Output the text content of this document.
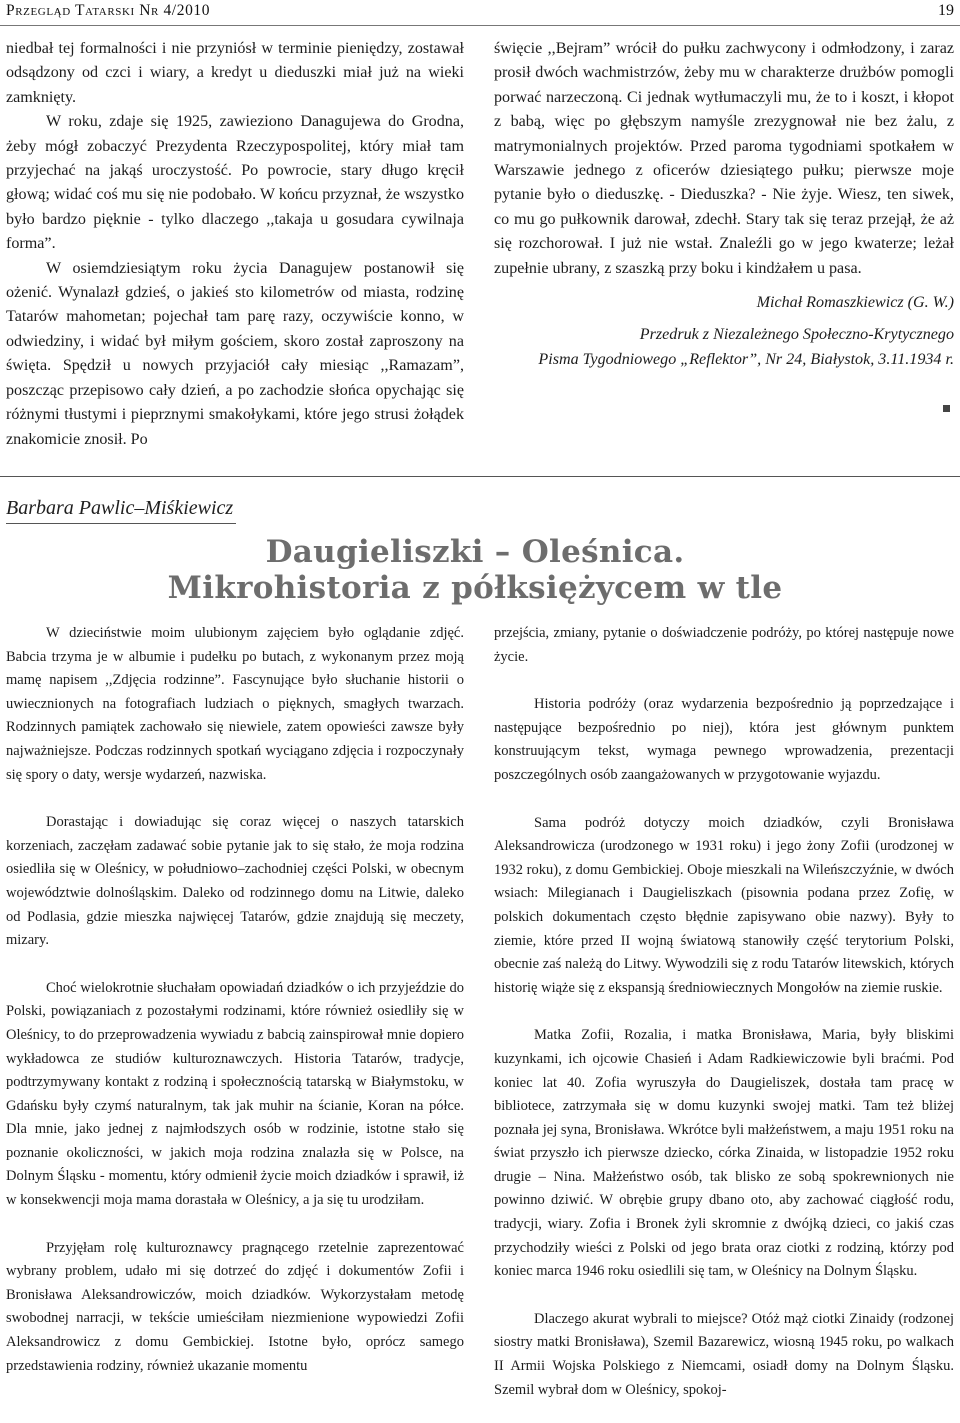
Przegląd Tatarski Nr 4/2010	19

niedbał tej formalności i nie przyniósł w terminie pieniędzy, zostawał odsądzony od czci i wiary, a kredyt u dieduszki miał już na wieki zamknięty.

W roku, zdaje się 1925, zawieziono Danagujewa do Grodna, żeby mógł zobaczyć Prezydenta Rzeczypospolitej, który miał tam przyjechać na jakąś uroczystość. Po powrocie, stary długo kręcił głową; widać coś mu się nie podobało. W końcu przyznał, że wszystko było bardzo pięknie - tylko dlaczego ,,takaja u gosudara cywilnaja forma”.

W osiemdziesiątym roku życia Danagujew postanowił się ożenić. Wynalazł gdzieś, o jakieś sto kilometrów od miasta, rodzinę Tatarów mahometan; pojechał tam parę razy, oczywiście konno, w odwiedziny, i widać był miłym gościem, skoro został zaproszony na święta. Spędził u nowych przyjaciół cały miesiąc ,,Ramazam”, poszcząc przepisowo cały dzień, a po zachodzie słońca opychając się różnymi tłustymi i pieprznymi smakołykami, które jego strusi żołądek znakomicie znosił. Po

święcie ,,Bejram” wrócił do pułku zachwycony i odmłodzony, i zaraz prosił dwóch wachmistrzów, żeby mu w charakterze drużbów pomogli porwać narzeczoną. Ci jednak wytłumaczyli mu, że to i koszt, i kłopot z babą, więc po głębszym namyśle zrezygnował nie bez żalu, z matrymonialnych projektów. Przed paroma tygodniami spotkałem w Warszawie jednego z oficerów dziesiątego pułku; pierwsze moje pytanie było o dieduszkę. - Dieduszka? - Nie żyje. Wiesz, ten siwek, co mu go pułkownik darował, zdechł. Stary tak się teraz przejął, że aż się rozchorował. I już nie wstał. Znaleźli go w jego kwaterze; leżał zupełnie ubrany, z szaszką przy boku i kindżałem u pasa.

Michał Romaszkiewicz (G. W.)
Przedruk z Niezależnego Społeczno-Krytycznego
Pisma Tygodniowego „Reflektor”, Nr 24, Białystok, 3.11.1934 r.
Barbara Pawlic–Miśkiewicz
Daugieliszki – Oleśnica.
Mikrohistoria z półksiężycem w tle

W dzieciństwie moim ulubionym zajęciem było oglądanie zdjęć. Babcia trzyma je w albumie i pudełku po butach, z wykonanym przez moją mamę napisem ,,Zdjęcia rodzinne”. Fascynujące było słuchanie historii o uwiecznionych na fotografiach ludziach o pięknych, smagłych twarzach. Rodzinnych pamiątek zachowało się niewiele, zatem opowieści zawsze były najważniejsze. Podczas rodzinnych spotkań wyciągano zdjęcia i rozpoczynały się spory o daty, wersje wydarzeń, nazwiska.

Dorastając i dowiadując się coraz więcej o naszych tatarskich korzeniach, zaczęłam zadawać sobie pytanie jak to się stało, że moja rodzina osiedliła się w Oleśnicy, w południowo–zachodniej części Polski, w obecnym województwie dolnośląskim. Daleko od rodzinnego domu na Litwie, daleko od Podlasia, gdzie mieszka najwięcej Tatarów, gdzie znajdują się meczety, mizary.

Choć wielokrotnie słuchałam opowiadań dziadków o ich przyjeździe do Polski, powiązaniach z pozostałymi rodzinami, które również osiedliły się w Oleśnicy, to do przeprowadzenia wywiadu z babcią zainspirował mnie dopiero wykładowca ze studiów kulturoznawczych. Historia Tatarów, tradycje, podtrzymywany kontakt z rodziną i społecznością tatarską w Białymstoku, w Gdańsku były czymś naturalnym, tak jak muhir na ścianie, Koran na półce. Dla mnie, jako jednej z najmłodszych osób w rodzinie, istotne stało się poznanie okoliczności, w jakich moja rodzina znalazła się w Polsce, na Dolnym Śląsku - momentu, który odmienił życie moich dziadków i sprawił, iż w konsekwencji moja mama dorastała w Oleśnicy, a ja się tu urodziłam.

Przyjęłam rolę kulturoznawcy pragnącego rzetelnie zaprezentować wybrany problem, udało mi się dotrzeć do zdjęć i dokumentów Zofii i Bronisława Aleksandrowiczów, moich dziadków. Wykorzystałam metodę swobodnej narracji, w tekście umieściłam niezmienione wypowiedzi Zofii Aleksandrowicz z domu Gembickiej. Istotne było, oprócz samego przedstawienia rodziny, również ukazanie momentu

przejścia, zmiany, pytanie o doświadczenie podróży, po której następuje nowe życie.

Historia podróży (oraz wydarzenia bezpośrednio ją poprzedzające i następujące bezpośrednio po niej), która jest głównym punktem konstruującym tekst, wymaga pewnego wprowadzenia, prezentacji poszczególnych osób zaangażowanych w przygotowanie wyjazdu.

Sama podróż dotyczy moich dziadków, czyli Bronisława Aleksandrowicza (urodzonego w 1931 roku) i jego żony Zofii (urodzonej w 1932 roku), z domu Gembickiej. Oboje mieszkali na Wileńszczyźnie, w dwóch wsiach: Milegianach i Daugieliszkach (pisownia podana przez Zofię, w polskich dokumentach często błędnie zapisywano obie nazwy). Były to ziemie, które przed II wojną światową stanowiły część terytorium Polski, obecnie zaś należą do Litwy. Wywodzili się z rodu Tatarów litewskich, których historię wiąże się z ekspansją średniowiecznych Mongołów na ziemie ruskie.

Matka Zofii, Rozalia, i matka Bronisława, Maria, były bliskimi kuzynkami, ich ojcowie Chasień i Adam Radkiewiczowie byli braćmi. Pod koniec lat 40. Zofia wyruszyła do Daugieliszek, dostała tam pracę w bibliotece, zatrzymała się w domu kuzynki swojej matki. Tam też bliżej poznała jej syna, Bronisława. Wkrótce byli małżeństwem, a maju 1951 roku na świat przyszło ich pierwsze dziecko, córka Zinaida, w listopadzie 1952 roku drugie – Nina. Małżeństwo osób, tak blisko ze sobą spokrewnionych nie powinno dziwić. W obrębie grupy dbano oto, aby zachować ciągłość rodu, tradycji, wiary. Zofia i Bronek żyli skromnie z dwójką dzieci, co jakiś czas przychodziły wieści z Polski od jego brata oraz ciotki z rodziną, którzy pod koniec marca 1946 roku osiedlili się tam, w Oleśnicy na Dolnym Śląsku.

Dlaczego akurat wybrali to miejsce? Otóż mąż ciotki Zinaidy (rodzonej siostry matki Bronisława), Szemil Bazarewicz, wiosną 1945 roku, po walkach II Armii Wojska Polskiego z Niemcami, osiadł domy na Dolnym Śląsku. Szemil wybrał dom w Oleśnicy, spokoj-
